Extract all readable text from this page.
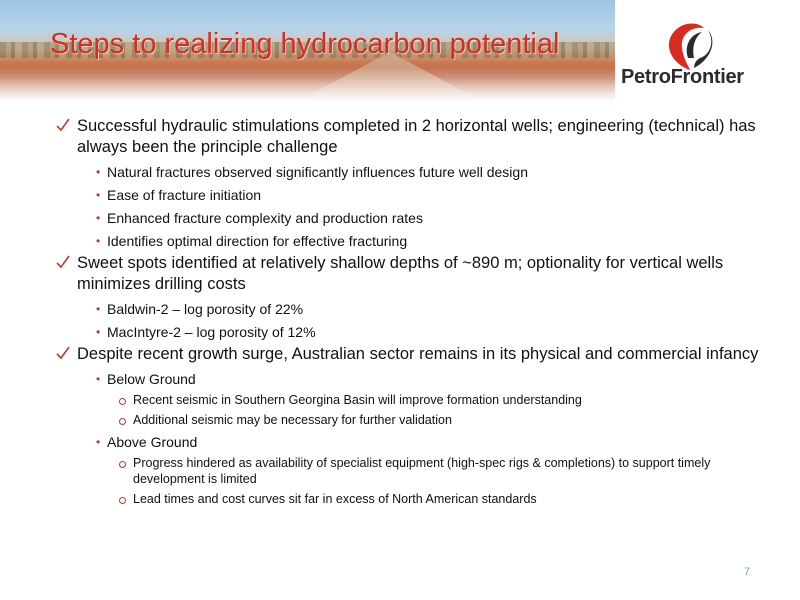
Steps to realizing hydrocarbon potential
PetroFrontier
Successful hydraulic stimulations completed in 2 horizontal wells; engineering (technical) has always been the principle challenge
• Natural fractures observed significantly influences future well design
• Ease of fracture initiation
• Enhanced fracture complexity and production rates
• Identifies optimal direction for effective fracturing
Sweet spots identified at relatively shallow depths of ~890 m; optionality for vertical wells minimizes drilling costs
• Baldwin-2 – log porosity of 22%
• MacIntyre-2 – log porosity of 12%
Despite recent growth surge, Australian sector remains in its physical and commercial infancy
• Below Ground
Recent seismic in Southern Georgina Basin will improve formation understanding
Additional seismic may be necessary for further validation
• Above Ground
Progress hindered as availability of specialist equipment (high-spec rigs & completions) to support timely development is limited
Lead times and cost curves sit far in excess of North American standards
7
